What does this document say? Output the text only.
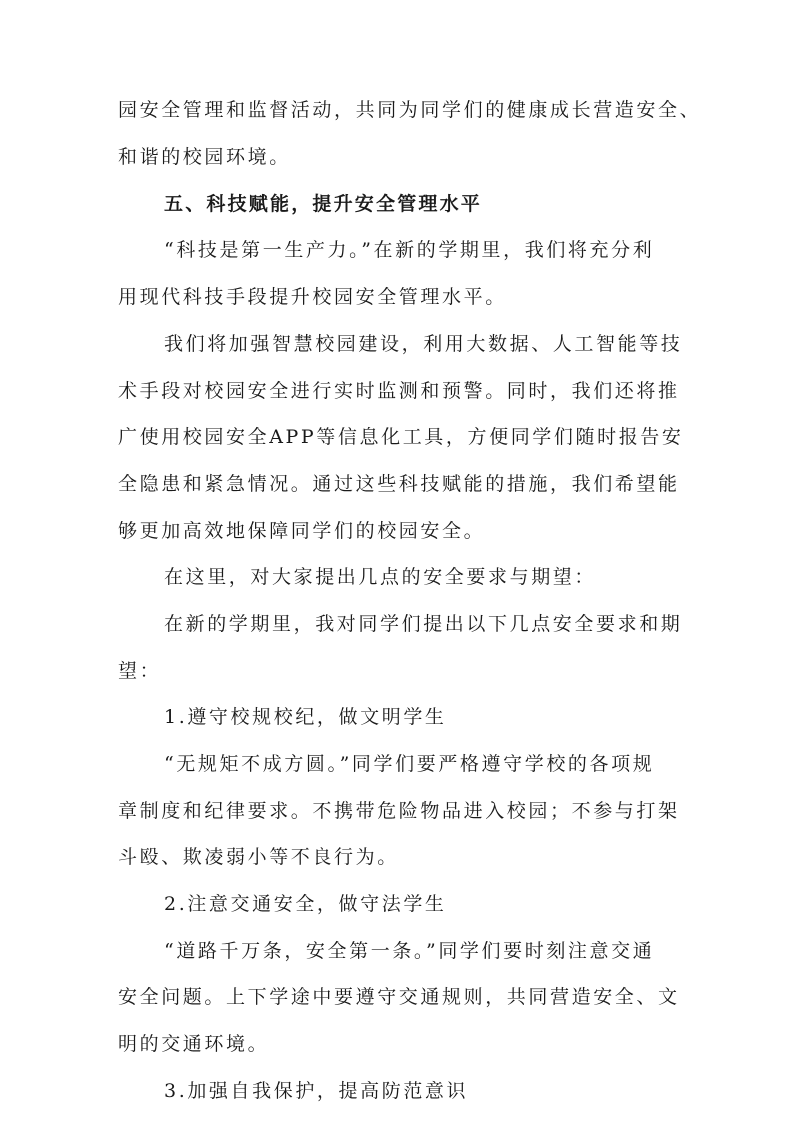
园安全管理和监督活动，共同为同学们的健康成长营造安全、
和谐的校园环境。
五、科技赋能，提升安全管理水平
“科技是第一生产力。”在新的学期里，我们将充分利
用现代科技手段提升校园安全管理水平。
我们将加强智慧校园建设，利用大数据、人工智能等技
术手段对校园安全进行实时监测和预警。同时，我们还将推
广使用校园安全APP等信息化工具，方便同学们随时报告安
全隐患和紧急情况。通过这些科技赋能的措施，我们希望能
够更加高效地保障同学们的校园安全。
在这里，对大家提出几点的安全要求与期望：
在新的学期里，我对同学们提出以下几点安全要求和期
望：
1.遵守校规校纪，做文明学生
“无规矩不成方圆。”同学们要严格遵守学校的各项规
章制度和纪律要求。不携带危险物品进入校园；不参与打架
斗殴、欺凌弱小等不良行为。
2.注意交通安全，做守法学生
“道路千万条，安全第一条。”同学们要时刻注意交通
安全问题。上下学途中要遵守交通规则，共同营造安全、文
明的交通环境。
3.加强自我保护，提高防范意识
